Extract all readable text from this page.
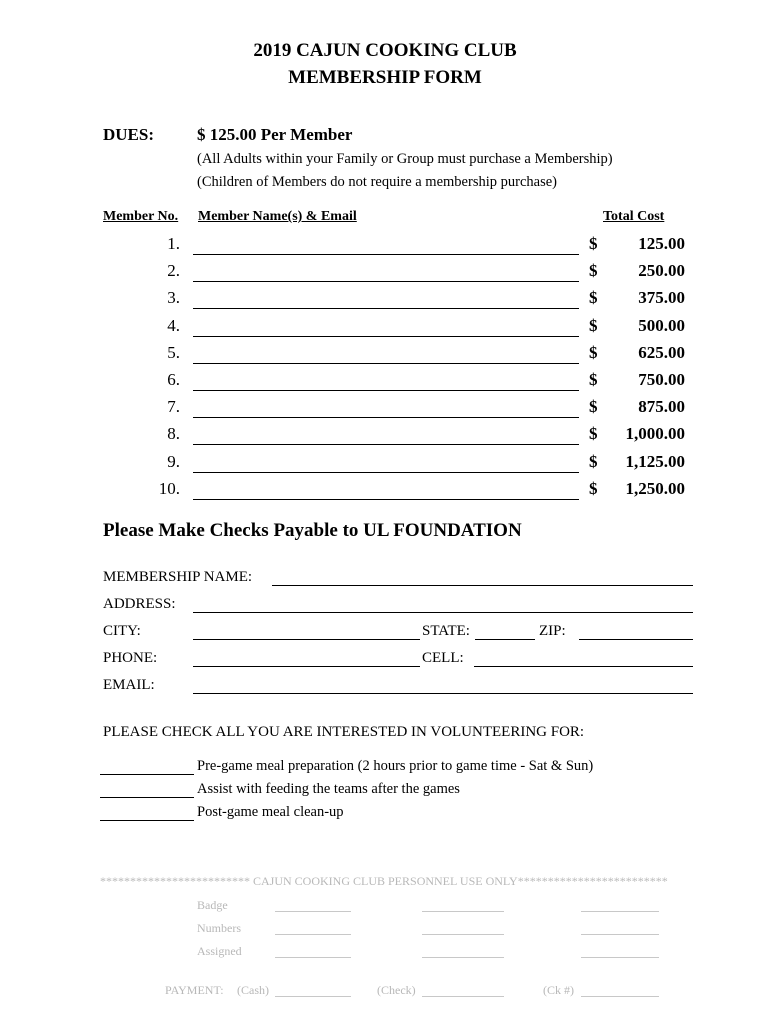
2019 CAJUN COOKING CLUB
MEMBERSHIP FORM
DUES:	$ 125.00 Per Member
(All Adults within your Family or Group must purchase a Membership)
(Children of Members do not require a membership purchase)
Member No. Member Name(s) & Email	Total Cost
1.	$	125.00
2.	$	250.00
3.	$	375.00
4.	$	500.00
5.	$	625.00
6.	$	750.00
7.	$	875.00
8.	$	1,000.00
9.	$	1,125.00
10.	$	1,250.00
Please Make Checks Payable to UL FOUNDATION
MEMBERSHIP NAME:
ADDRESS:
CITY:	STATE:	ZIP:
PHONE:	CELL:
EMAIL:
PLEASE CHECK ALL YOU ARE INTERESTED IN VOLUNTEERING FOR:
Pre-game meal preparation (2 hours prior to game time - Sat & Sun)
Assist with feeding the teams after the games
Post-game meal clean-up
************************* CAJUN COOKING CLUB PERSONNEL USE ONLY*************************
Badge
Numbers
Assigned
PAYMENT: (Cash)	(Check)	(Ck #)
